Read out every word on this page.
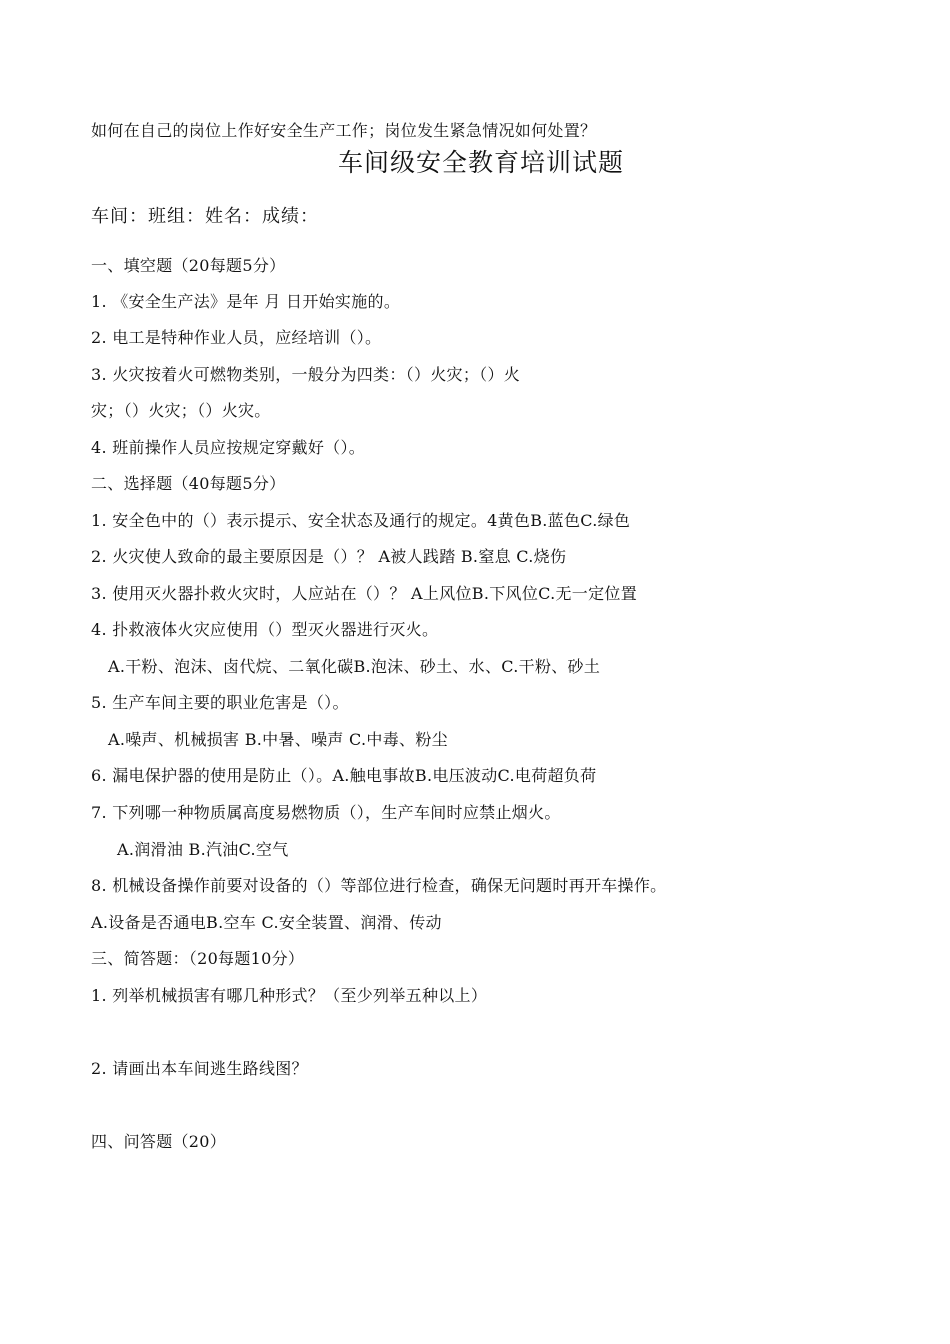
如何在自己的岗位上作好安全生产工作；岗位发生紧急情况如何处置？
车间级安全教育培训试题
车间：班组：姓名：成绩：
一、填空题（20每题5分）
1. 《安全生产法》是年 月 日开始实施的。
2. 电工是特种作业人员，应经培训（）。
3. 火灾按着火可燃物类别，一般分为四类：（）火灾；（）火
灾；（）火灾；（）火灾。
4. 班前操作人员应按规定穿戴好（）。
二、选择题（40每题5分）
1. 安全色中的（）表示提示、安全状态及通行的规定。4黄色B.蓝色C.绿色
2. 火灾使人致命的最主要原因是（）？ A被人践踏 B.窒息 C.烧伤
3. 使用灭火器扑救火灾时，人应站在（）？ A上风位B.下风位C.无一定位置
4. 扑救液体火灾应使用（）型灭火器进行灭火。
A.干粉、泡沫、卤代烷、二氧化碳B.泡沫、砂土、水、C.干粉、砂土
5. 生产车间主要的职业危害是（）。
A.噪声、机械损害 B.中暑、噪声 C.中毒、粉尘
6. 漏电保护器的使用是防止（）。A.触电事故B.电压波动C.电荷超负荷
7. 下列哪一种物质属高度易燃物质（），生产车间时应禁止烟火。
A.润滑油 B.汽油C.空气
8. 机械设备操作前要对设备的（）等部位进行检查，确保无问题时再开车操作。
A.设备是否通电B.空车 C.安全装置、润滑、传动
三、简答题：（20每题10分）
1. 列举机械损害有哪几种形式？（至少列举五种以上）
2. 请画出本车间逃生路线图？
四、问答题（20）
